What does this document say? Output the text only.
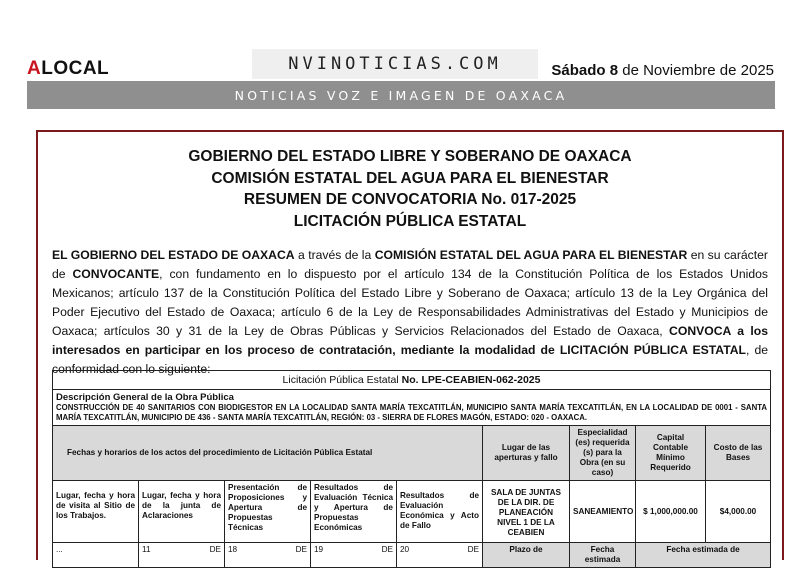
ALOCAL	NVINOTICIAS.COM	Sábado 8 de Noviembre de 2025
NOTICIAS VOZ E IMAGEN DE OAXACA
GOBIERNO DEL ESTADO LIBRE Y SOBERANO DE OAXACA
COMISIÓN ESTATAL DEL AGUA PARA EL BIENESTAR
RESUMEN DE CONVOCATORIA No. 017-2025
LICITACIÓN PÚBLICA ESTATAL

EL GOBIERNO DEL ESTADO DE OAXACA a través de la COMISIÓN ESTATAL DEL AGUA PARA EL BIENESTAR en su carácter de CONVOCANTE, con fundamento en lo dispuesto por el artículo 134 de la Constitución Política de los Estados Unidos Mexicanos; artículo 137 de la Constitución Política del Estado Libre y Soberano de Oaxaca; artículo 13 de la Ley Orgánica del Poder Ejecutivo del Estado de Oaxaca; artículo 6 de la Ley de Responsabilidades Administrativas del Estado y Municipios de Oaxaca; artículos 30 y 31 de la Ley de Obras Públicas y Servicios Relacionados del Estado de Oaxaca, CONVOCA a los interesados en participar en los proceso de contratación, mediante la modalidad de LICITACIÓN PÚBLICA ESTATAL, de conformidad con lo siguiente:

Licitación Pública Estatal No. LPE-CEABIEN-062-2025								

Descripción General de la Obra Pública
CONSTRUCCIÓN DE 40 SANITARIOS CON BIODIGESTOR EN LA LOCALIDAD SANTA MARÍA TEXCATITLÁN, MUNICIPIO SANTA MARÍA TEXCATITLÁN, EN LA LOCALIDAD DE 0001 - SANTA MARÍA TEXCATITLÁN, MUNICIPIO DE 436 - SANTA MARÍA TEXCATITLÁN, REGIÓN: 03 - SIERRA DE FLORES MAGÓN, ESTADO: 020 - OAXACA.								

Fechas y horarios de los actos del procedimiento de Licitación Pública Estatal					Lugar de las aperturas y fallo	Especialidad (es) requerida (s) para la Obra (en su caso)	Capital Contable Mínimo Requerido	Costo de las Bases
Lugar, fecha y hora de visita al Sitio de los Trabajos.	Lugar, fecha y hora de la junta de Aclaraciones	Presentación de Proposiciones y Apertura de Propuestas Técnicas	Resultados de Evaluación Técnica y Apertura de Propuestas Económicas	Resultados de Evaluación Económica y Acto de Fallo	SALA DE JUNTAS DE LA DIR. DE PLANEACIÓN NIVEL 1 DE LA CEABIEN	SANEAMIENTO	$ 1,000,000.00	$4,000.00
...	11 DE	18 DE	19 DE	20 DE	Plazo de	Fecha estimada	Fecha estimada de	
